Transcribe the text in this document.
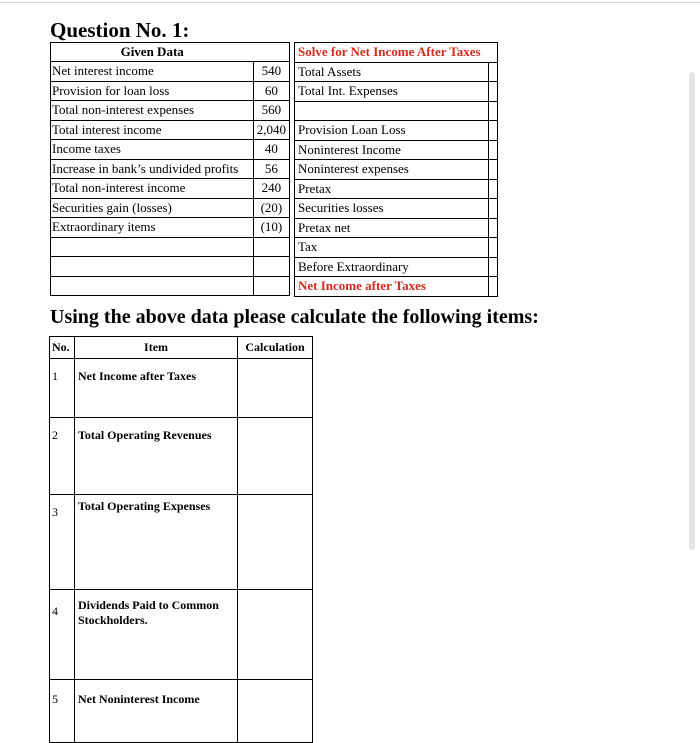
Question No. 1:
Given Data	
Net interest income	540
Provision for loan loss	60
Total non-interest expenses	560
Total interest income	2,040
Income taxes	40
Increase in bank’s undivided profits	56
Total non-interest income	240
Securities gain (losses)	(20)
Extraordinary items	(10)

Solve for Net Income After Taxes	
Total Assets	
Total Int. Expenses	

Provision Loan Loss	
Noninterest Income	
Noninterest expenses	
Pretax	
Securities losses	
Pretax net	
Tax	
Before Extraordinary	
Net Income after Taxes	
Using the above data please calculate the following items:
No.	Item	Calculation
1	Net Income after Taxes	
2	Total Operating Revenues	
3	Total Operating Expenses	
4	Dividends Paid to Common Stockholders.	
5	Net Noninterest Income	
